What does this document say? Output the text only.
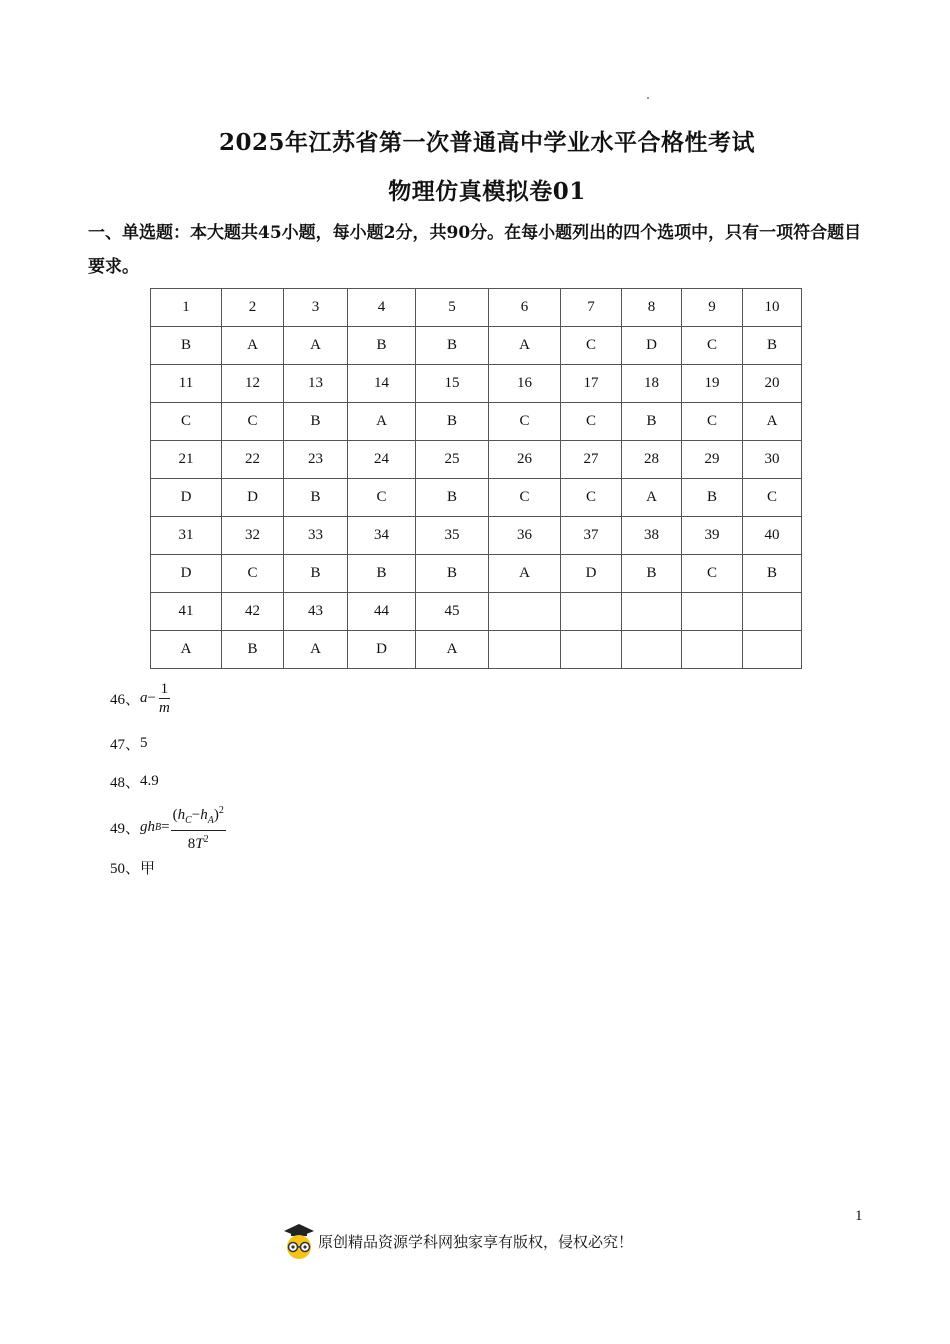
2025年江苏省第一次普通高中学业水平合格性考试
物理仿真模拟卷01
一、单选题：本大题共45小题，每小题2分，共90分。在每小题列出的四个选项中，只有一项符合题目要求。
1	2	3	4	5	6	7	8	9	10
B	A	A	B	B	A	C	D	C	B
11	12	13	14	15	16	17	18	19	20
C	C	B	A	B	C	C	B	C	A
21	22	23	24	25	26	27	28	29	30
D	D	B	C	B	C	C	A	B	C
31	32	33	34	35	36	37	38	39	40
D	C	B	B	B	A	D	B	C	B
41	42	43	44	45					
A	B	A	D	A					
46、 $a - \frac{1}{m}$
47、 5
48、 4.9
49、 g h $B = \frac{(h_C-h_A)^2}{8T^2}$
50、 甲
1
原创精品资源学科网独家享有版权，侵权必究！
